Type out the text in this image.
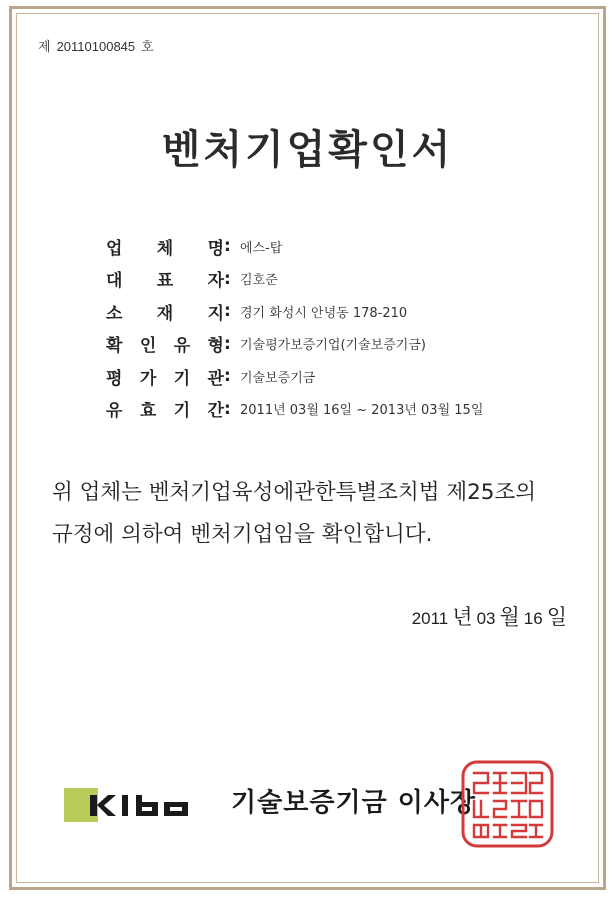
제 20110100845 호
벤처기업확인서
업 체 명 : 에스-탑
대 표 자 : 김호준
소 재 지 : 경기 화성시 안녕동 178-210
확 인 유 형 : 기술평가보증기업(기술보증기금)
평 가 기 관 : 기술보증기금
유 효 기 간 : 2011년 03월 16일 ~ 2013년 03월 15일
위 업체는 벤처기업육성에관한특별조치법 제25조의
규정에 의하여 벤처기업임을 확인합니다.
2011 년 03 월 16 일
기술보증기금 이사장
